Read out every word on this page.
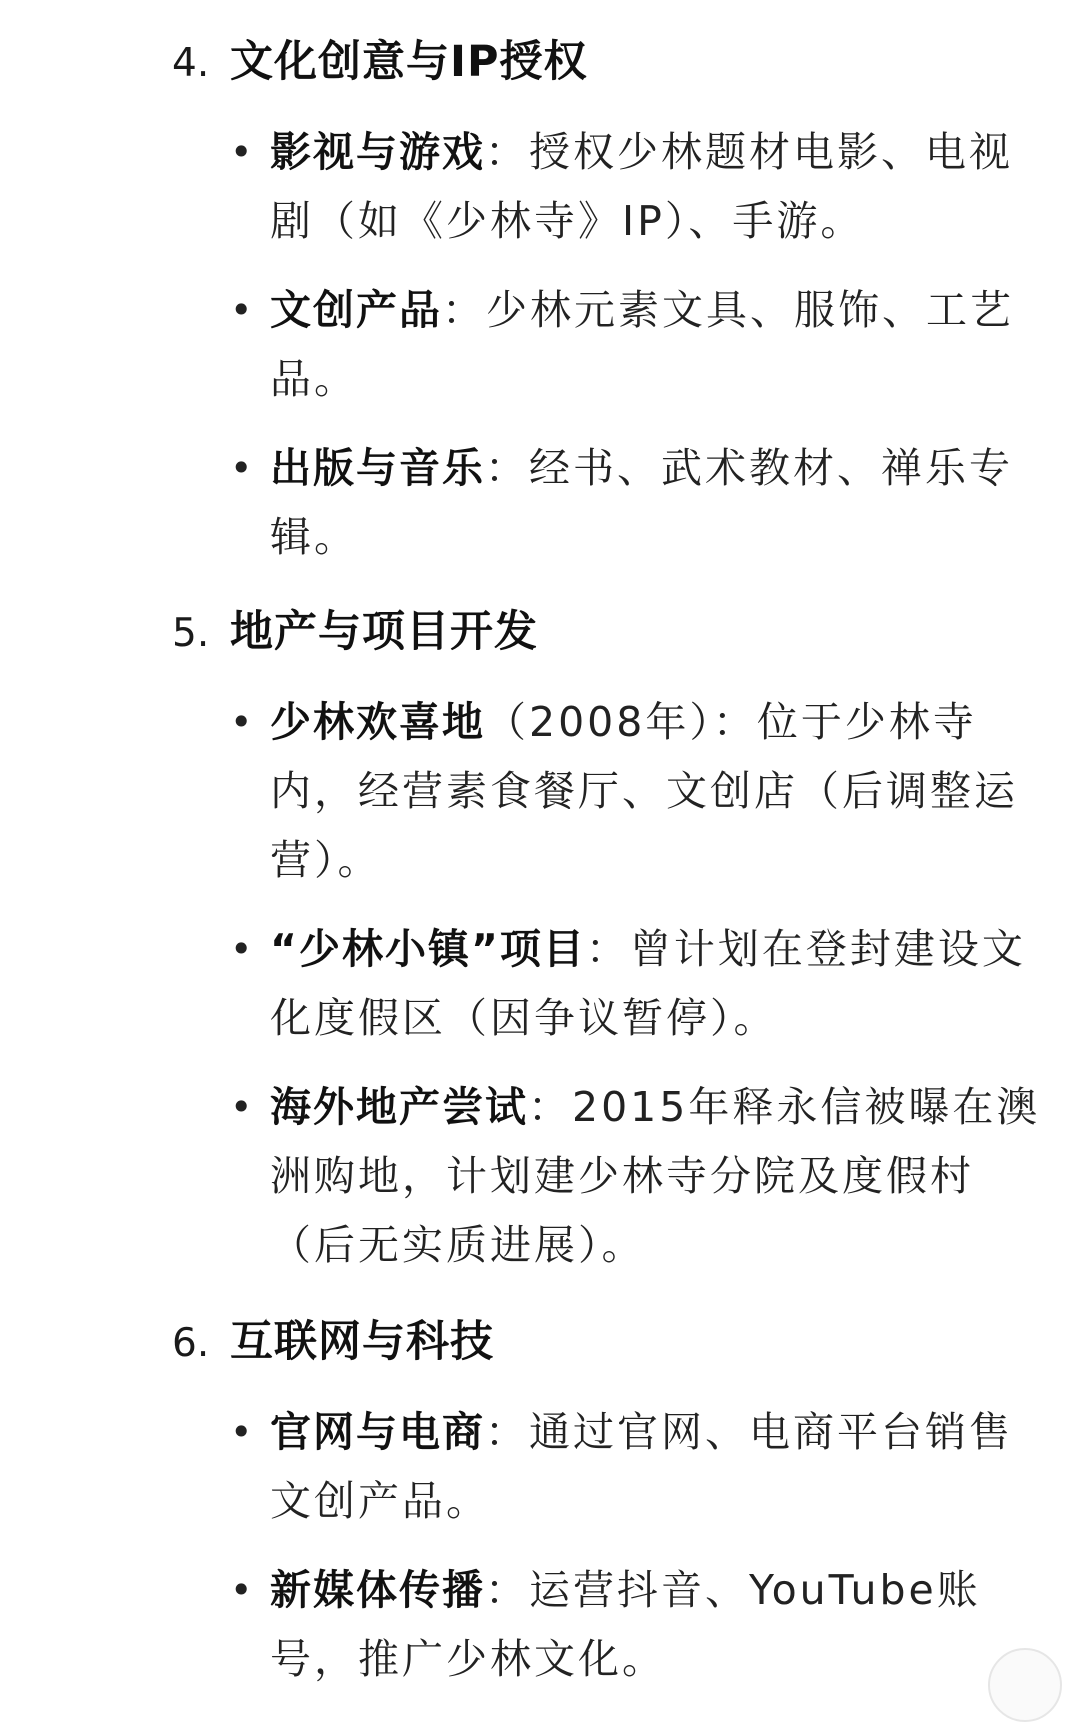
4. 文化创意与IP授权
• 影视与游戏：授权少林题材电影、电视剧（如《少林寺》IP）、手游。
• 文创产品：少林元素文具、服饰、工艺品。
• 出版与音乐：经书、武术教材、禅乐专辑。
5. 地产与项目开发
• 少林欢喜地（2008年）：位于少林寺内，经营素食餐厅、文创店（后调整运营）。
• “少林小镇”项目：曾计划在登封建设文化度假区（因争议暂停）。
• 海外地产尝试：2015年释永信被曝在澳洲购地，计划建少林寺分院及度假村（后无实质进展）。
6. 互联网与科技
• 官网与电商：通过官网、电商平台销售文创产品。
• 新媒体传播：运营抖音、YouTube账号，推广少林文化。
